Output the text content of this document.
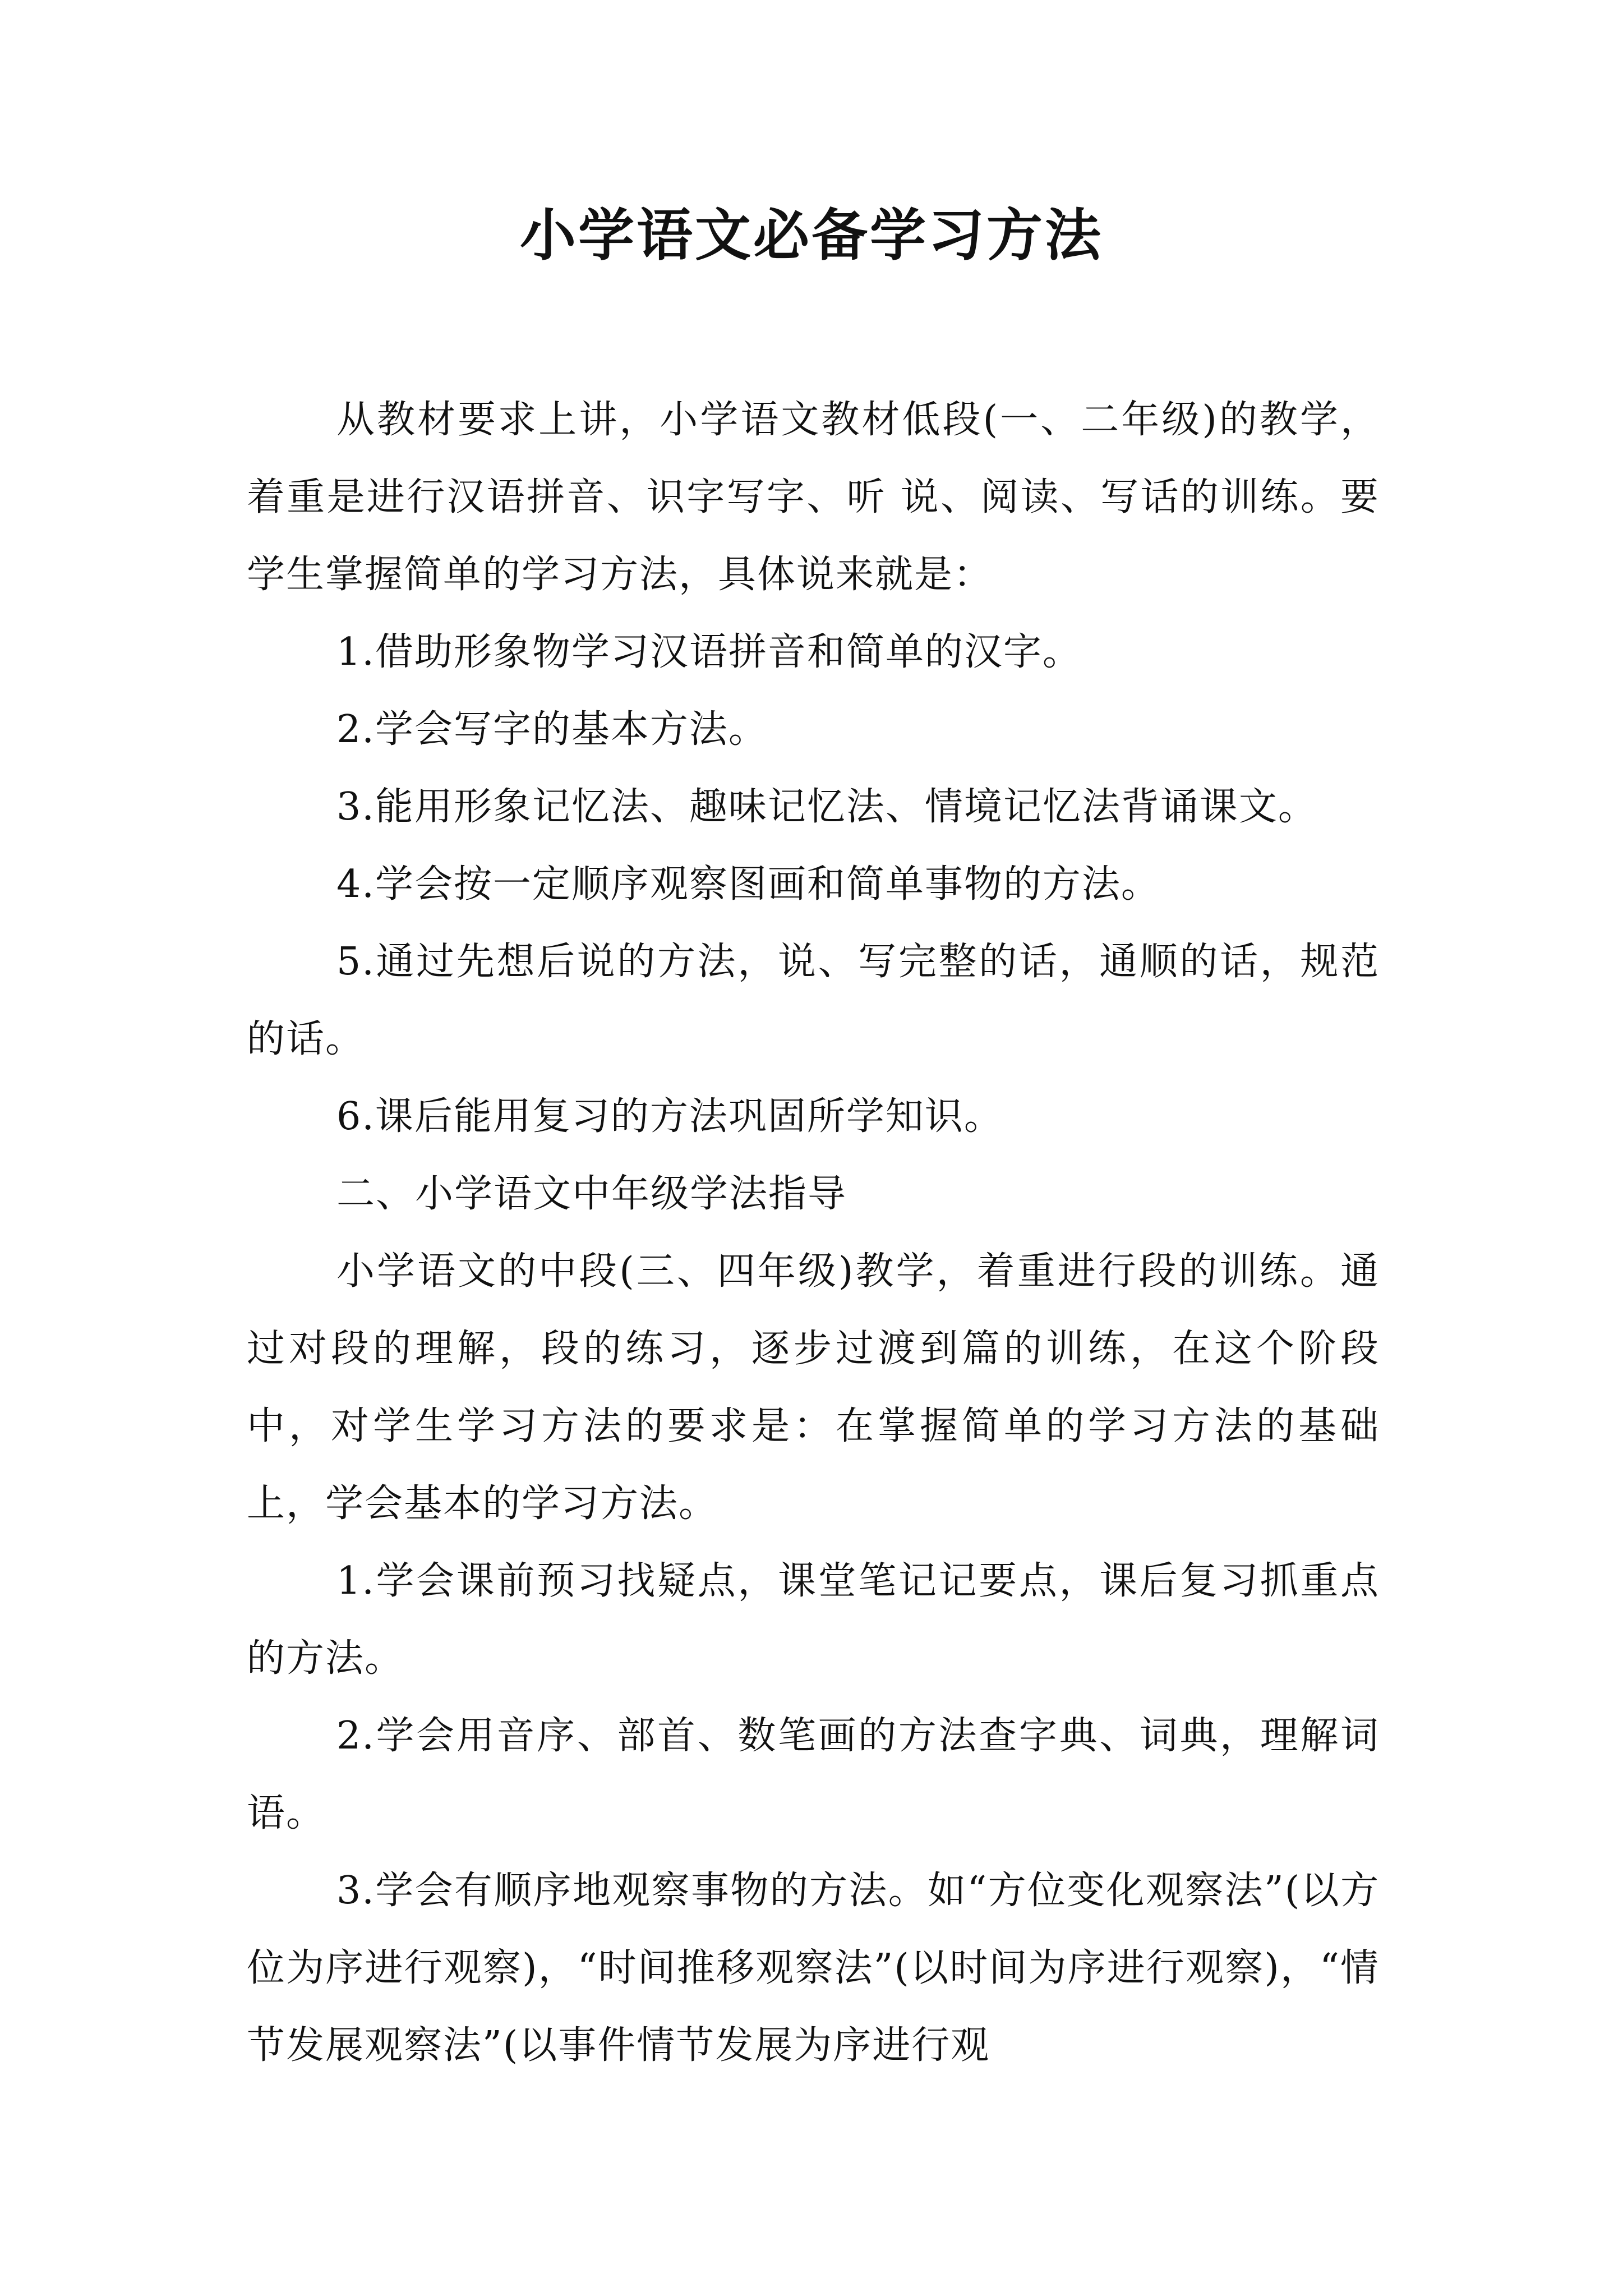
小学语文必备学习方法

从教材要求上讲，小学语文教材低段(一、二年级)的教学，着重是进行汉语拼音、识字写字、听 说、阅读、写话的训练。要学生掌握简单的学习方法，具体说来就是：

1.借助形象物学习汉语拼音和简单的汉字。

2.学会写字的基本方法。

3.能用形象记忆法、趣味记忆法、情境记忆法背诵课文。

4.学会按一定顺序观察图画和简单事物的方法。

5.通过先想后说的方法，说、写完整的话，通顺的话，规范的话。

6.课后能用复习的方法巩固所学知识。

二、小学语文中年级学法指导

小学语文的中段(三、四年级)教学，着重进行段的训练。通过对段的理解，段的练习，逐步过渡到篇的训练，在这个阶段中，对学生学习方法的要求是：在掌握简单的学习方法的基础上，学会基本的学习方法。

1.学会课前预习找疑点，课堂笔记记要点，课后复习抓重点的方法。

2.学会用音序、部首、数笔画的方法查字典、词典，理解词语。

3.学会有顺序地观察事物的方法。如“方位变化观察法”(以方位为序进行观察)，“时间推移观察法”(以时间为序进行观察)，“情节发展观察法”(以事件情节发展为序进行观
